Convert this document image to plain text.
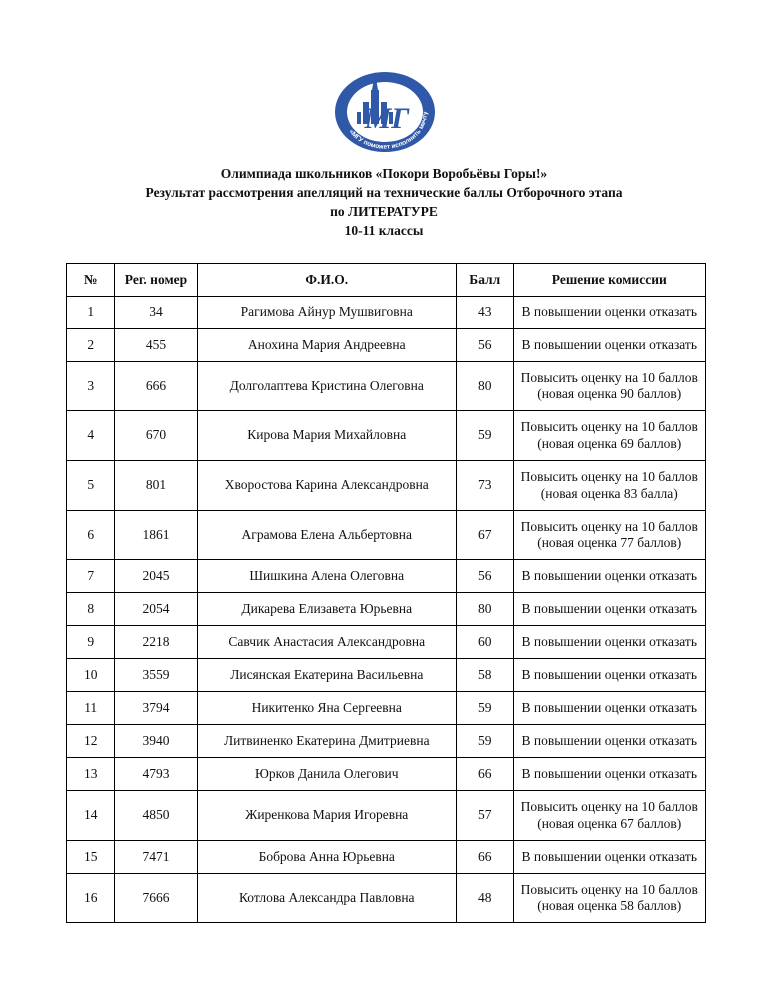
МГ
«МГУ поможет исполнить мечту
Олимпиада школьников «Покори Воробьёвы Горы!»
Результат рассмотрения апелляций на технические баллы Отборочного этапа
по ЛИТЕРАТУРЕ
10-11 классы
№	Рег. номер	Ф.И.О.	Балл	Решение комиссии
1	34	Рагимова Айнур Мушвиговна	43	В повышении оценки отказать
2	455	Анохина Мария Андреевна	56	В повышении оценки отказать
3	666	Долголаптева Кристина Олеговна	80	Повысить оценку на 10 баллов (новая оценка 90 баллов)
4	670	Кирова Мария Михайловна	59	Повысить оценку на 10 баллов (новая оценка 69 баллов)
5	801	Хворостова Карина Александровна	73	Повысить оценку на 10 баллов (новая оценка 83 балла)
6	1861	Аграмова Елена Альбертовна	67	Повысить оценку на 10 баллов (новая оценка 77 баллов)
7	2045	Шишкина Алена Олеговна	56	В повышении оценки отказать
8	2054	Дикарева Елизавета Юрьевна	80	В повышении оценки отказать
9	2218	Савчик Анастасия Александровна	60	В повышении оценки отказать
10	3559	Лисянская Екатерина Васильевна	58	В повышении оценки отказать
11	3794	Никитенко Яна Сергеевна	59	В повышении оценки отказать
12	3940	Литвиненко Екатерина Дмитриевна	59	В повышении оценки отказать
13	4793	Юрков Данила Олегович	66	В повышении оценки отказать
14	4850	Жиренкова Мария Игоревна	57	Повысить оценку на 10 баллов (новая оценка 67 баллов)
15	7471	Боброва Анна Юрьевна	66	В повышении оценки отказать
16	7666	Котлова Александра Павловна	48	Повысить оценку на 10 баллов (новая оценка 58 баллов)
